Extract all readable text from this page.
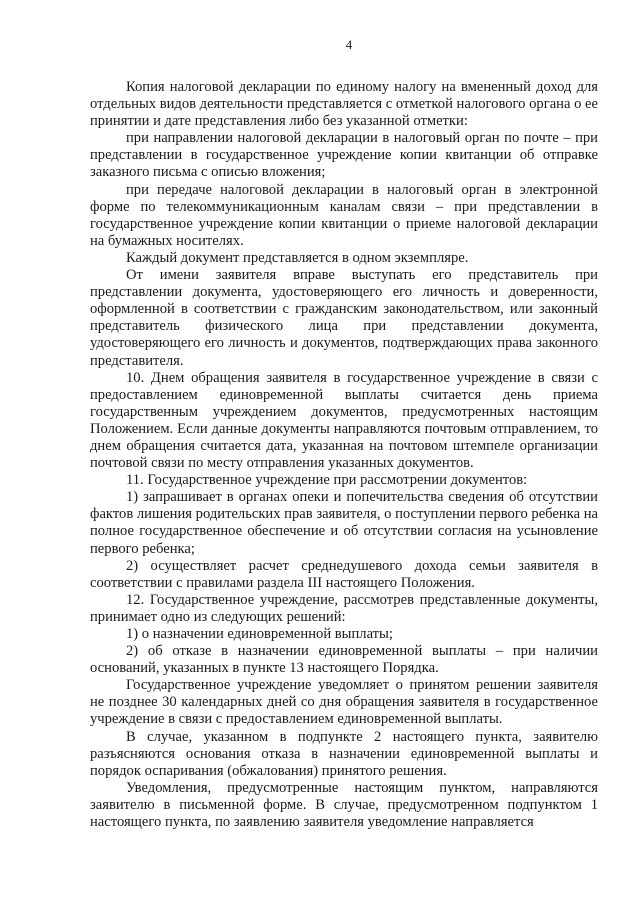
4

Копия налоговой декларации по единому налогу на вмененный доход для отдельных видов деятельности представляется с отметкой налогового органа о ее принятии и дате представления либо без указанной отметки:

при направлении налоговой декларации в налоговый орган по почте – при представлении в государственное учреждение копии квитанции об отправке заказного письма с описью вложения;

при передаче налоговой декларации в налоговый орган в электронной форме по телекоммуникационным каналам связи – при представлении в государственное учреждение копии квитанции о приеме налоговой декларации на бумажных носителях.

Каждый документ представляется в одном экземпляре.

От имени заявителя вправе выступать его представитель при представлении документа, удостоверяющего его личность и доверенности, оформленной в соответствии с гражданским законодательством, или законный представитель физического лица при представлении документа, удостоверяющего его личность и документов, подтверждающих права законного представителя.

10. Днем обращения заявителя в государственное учреждение в связи с предоставлением единовременной выплаты считается день приема государственным учреждением документов, предусмотренных настоящим Положением. Если данные документы направляются почтовым отправлением, то днем обращения считается дата, указанная на почтовом штемпеле организации почтовой связи по месту отправления указанных документов.

11. Государственное учреждение при рассмотрении документов:

1) запрашивает в органах опеки и попечительства сведения об отсутствии фактов лишения родительских прав заявителя, о поступлении первого ребенка на полное государственное обеспечение и об отсутствии согласия на усыновление первого ребенка;

2) осуществляет расчет среднедушевого дохода семьи заявителя в соответствии с правилами раздела III настоящего Положения.

12. Государственное учреждение, рассмотрев представленные документы, принимает одно из следующих решений:

1) о назначении единовременной выплаты;

2) об отказе в назначении единовременной выплаты – при наличии оснований, указанных в пункте 13 настоящего Порядка.

Государственное учреждение уведомляет о принятом решении заявителя не позднее 30 календарных дней со дня обращения заявителя в государственное учреждение в связи с предоставлением единовременной выплаты.

В случае, указанном в подпункте 2 настоящего пункта, заявителю разъясняются основания отказа в назначении единовременной выплаты и порядок оспаривания (обжалования) принятого решения.

Уведомления, предусмотренные настоящим пунктом, направляются заявителю в письменной форме. В случае, предусмотренном подпунктом 1 настоящего пункта, по заявлению заявителя уведомление направляется
